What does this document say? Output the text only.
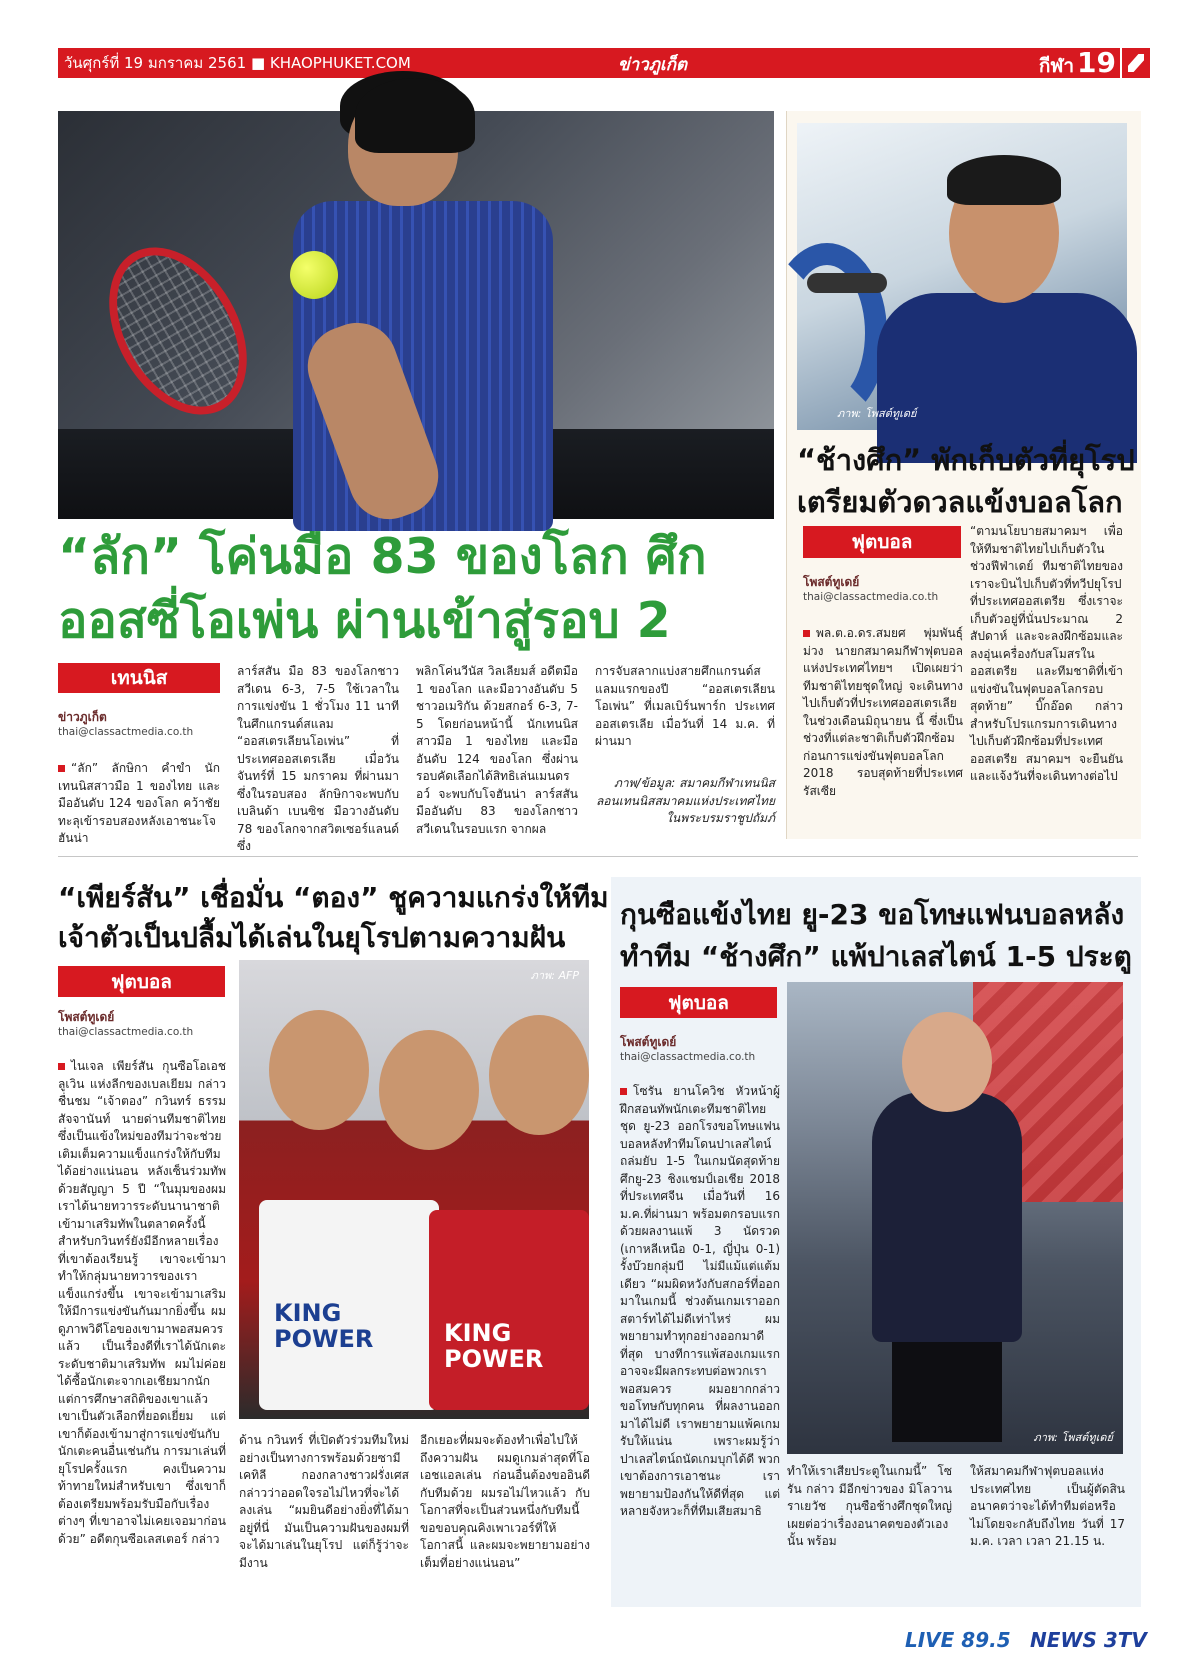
วันศุกร์ที่ 19 มกราคม 2561 ■ KHAOPHUKET.COM	ข่าวภูเก็ต	กีฬา 19
“ลัก” โค่นมือ 83 ของโลก ศึก
ออสซี่โอเพ่น ผ่านเข้าสู่รอบ 2
เทนนิส
ข่าวภูเก็ต
thai@classactmedia.co.th
“ลัก” ลักษิกา คำขำ นักเทนนิสสาวมือ 1 ของไทย และมืออันดับ 124 ของโลก คว้าชัยทะลุเข้ารอบสองหลังเอาชนะโจฮันน่า
ลาร์สสัน มือ 83 ของโลกชาวสวีเดน 6-3, 7-5 ใช้เวลาในการแข่งขัน 1 ชั่วโมง 11 นาที ในศึกแกรนด์สแลม “ออสเตรเลียนโอเพ่น” ที่ประเทศออสเตรเลีย เมื่อวันจันทร์ที่ 15 มกราคม ที่ผ่านมา ซึ่งในรอบสอง ลักษิกาจะพบกับเบลินด้า เบนซิช มือวางอันดับ 78 ของโลกจากสวิตเซอร์แลนด์ ซึ่ง
พลิกโค่นวีนัส วิลเลียมส์ อดีตมือ 1 ของโลก และมือวางอันดับ 5 ชาวอเมริกัน ด้วยสกอร์ 6-3, 7-5 โดยก่อนหน้านี้ นักเทนนิสสาวมือ 1 ของไทย และมืออันดับ 124 ของโลก ซึ่งผ่านรอบคัดเลือกได้สิทธิเล่นเมนดรอว์ จะพบกับโจฮันน่า ลาร์สสัน มืออันดับ 83 ของโลกชาวสวีเดนในรอบแรก จากผล
การจับสลากแบ่งสายศึกแกรนด์สแลมแรกของปี “ออสเตรเลียนโอเพ่น” ที่เมลเบิร์นพาร์ก ประเทศออสเตรเลีย เมื่อวันที่ 14 ม.ค. ที่ผ่านมา
ภาพ/ข้อมูล: สมาคมกีฬาเทนนิสลอนเทนนิสสมาคมแห่งประเทศไทย ในพระบรมราชูปถัมภ์
ภาพ: โพสต์ทูเดย์
“ช้างศึก” พักเก็บตัวที่ยุโรป
เตรียมตัวดวลแข้งบอลโลก
ฟุตบอล
โพสต์ทูเดย์
thai@classactmedia.co.th
พล.ต.อ.ดร.สมยศ พุ่มพันธุ์ม่วง นายกสมาคมกีฬาฟุตบอลแห่งประเทศไทยฯ เปิดเผยว่าทีมชาติไทยชุดใหญ่ จะเดินทางไปเก็บตัวที่ประเทศออสเตรเลียในช่วงเดือนมิถุนายน นี้ ซึ่งเป็นช่วงที่แต่ละชาติเก็บตัวฝึกซ้อมก่อนการแข่งขันฟุตบอลโลก 2018 รอบสุดท้ายที่ประเทศรัสเซีย
“ตามนโยบายสมาคมฯ เพื่อให้ทีมชาติไทยไปเก็บตัวในช่วงฟีฟ่าเดย์ ทีมชาติไทยของเราจะบินไปเก็บตัวที่ทวีปยุโรปที่ประเทศออสเตรีย ซึ่งเราจะเก็บตัวอยู่ที่นั่นประมาณ 2 สัปดาห์ และจะลงฝึกซ้อมและลงอุ่นเครื่องกับสโมสรในออสเตรีย และทีมชาติที่เข้าแข่งขันในฟุตบอลโลกรอบสุดท้าย” บิ๊กอ๊อด กล่าว สำหรับโปรแกรมการเดินทางไปเก็บตัวฝึกซ้อมที่ประเทศออสเตรีย สมาคมฯ จะยืนยันและแจ้งวันที่จะเดินทางต่อไป
“เพียร์สัน” เชื่อมั่น “ตอง” ชูความแกร่งให้ทีม
เจ้าตัวเป็นปลื้มได้เล่นในยุโรปตามความฝัน
ฟุตบอล
โพสต์ทูเดย์
thai@classactmedia.co.th
ไนเจล เพียร์สัน กุนซือโอเอช ลูเวิน แห่งลีกของเบลเยียม กล่าวชื่นชม “เจ้าตอง” กวินทร์ ธรรมสัจจานันท์ นายด่านทีมชาติไทยซึ่งเป็นแข้งใหม่ของทีมว่าจะช่วยเติมเต็มความแข็งแกร่งให้กับทีมได้อย่างแน่นอน หลังเซ็นร่วมทัพด้วยสัญญา 5 ปี “ในมุมของผม เราได้นายทวารระดับนานาชาติเข้ามาเสริมทัพในตลาดครั้งนี้ สำหรับกวินทร์ยังมีอีกหลายเรื่องที่เขาต้องเรียนรู้ เขาจะเข้ามาทำให้กลุ่มนายทวารของเราแข็งแกร่งขึ้น เขาจะเข้ามาเสริมให้มีการแข่งขันกันมากยิ่งขึ้น ผมดูภาพวิดีโอของเขามาพอสมควรแล้ว เป็นเรื่องดีที่เราได้นักเตะระดับชาติมาเสริมทัพ ผมไม่ค่อยได้ซื้อนักเตะจากเอเชียมากนัก แต่การศึกษาสถิติของเขาแล้วเขาเป็นตัวเลือกที่ยอดเยี่ยม แต่เขาก็ต้องเข้ามาสู่การแข่งขันกับนักเตะคนอื่นเช่นกัน การมาเล่นที่ยุโรปครั้งแรก คงเป็นความท้าทายใหม่สำหรับเขา ซึ่งเขาก็ต้องเตรียมพร้อมรับมือกับเรื่องต่างๆ ที่เขาอาจไม่เคยเจอมาก่อนด้วย” อดีตกุนซือเลสเตอร์ กล่าว
KING POWER	KING POWER
ภาพ: AFP
ด้าน กวินทร์ ที่เปิดตัวร่วมทีมใหม่อย่างเป็นทางการพร้อมด้วยซามี เคทิลี กองกลางชาวฝรั่งเศส กล่าวว่าออดใจรอไม่ไหวที่จะได้ลงเล่น “ผมยินดีอย่างยิ่งที่ได้มาอยู่ที่นี่ มันเป็นความฝันของผมที่จะได้มาเล่นในยุโรป แต่ก็รู้ว่าจะมีงาน
อีกเยอะที่ผมจะต้องทำเพื่อไปให้ถึงความฝัน ผมดูเกมล่าสุดที่โอเอชแอลเล่น ก่อนอื่นต้องขออินดีกับทีมด้วย ผมรอไม่ไหวแล้ว กับโอกาสที่จะเป็นส่วนหนึ่งกับทีมนี้ ขอขอบคุณคิงเพาเวอร์ที่ให้โอกาสนี้ และผมจะพยายามอย่างเต็มที่อย่างแน่นอน”
กุนซือแข้งไทย ยู-23 ขอโทษแฟนบอลหลัง
ทำทีม “ช้างศึก” แพ้ปาเลสไตน์ 1-5 ประตู
ฟุตบอล
โพสต์ทูเดย์
thai@classactmedia.co.th
โซรัน ยานโควิช หัวหน้าผู้ฝึกสอนทัพนักเตะทีมชาติไทยชุด ยู-23 ออกโรงขอโทษแฟนบอลหลังทำทีมโดนปาเลสไตน์ ถล่มยับ 1-5 ในเกมนัดสุดท้าย ศึกยู-23 ชิงแชมป์เอเชีย 2018 ที่ประเทศจีน เมื่อวันที่ 16 ม.ค.ที่ผ่านมา พร้อมตกรอบแรกด้วยผลงานแพ้ 3 นัดรวด (เกาหลีเหนือ 0-1, ญี่ปุ่น 0-1) รั้งบ๊วยกลุ่มบี ไม่มีแม้แต่แต้มเดียว “ผมผิดหวังกับสกอร์ที่ออกมาในเกมนี้ ช่วงต้นเกมเราออกสตาร์ทได้ไม่ดีเท่าไหร่ ผมพยายามทำทุกอย่างออกมาดีที่สุด บางทีการแพ้สองเกมแรกอาจจะมีผลกระทบต่อพวกเราพอสมควร ผมอยากกล่าวขอโทษกับทุกคน ที่ผลงานออกมาได้ไม่ดี เราพยายามแพ้คเกมรับให้แน่น เพราะผมรู้ว่าปาเลสไตน์ถนัดเกมบุกได้ดี พวกเขาต้องการเอาชนะ เราพยายามป้องกันให้ดีที่สุด แต่หลายจังหวะก็ที่ทีมเสียสมาธิ
ภาพ: โพสต์ทูเดย์
ทำให้เราเสียประตูในเกมนี้” โซรัน กล่าว มีอีกข่าวของ มิโลวาน ราเยวัช กุนซือช้างศึกชุดใหญ่ เผยต่อว่าเรื่องอนาคตของตัวเองนั้น พร้อม
ให้สมาคมกีฬาฟุตบอลแห่งประเทศไทย เป็นผู้ตัดสินอนาคตว่าจะได้ทำทีมต่อหรือไม่โดยจะกลับถึงไทย วันที่ 17 ม.ค. เวลา เวลา 21.15 น.
LIVE 89.5 NEWS 3TV
